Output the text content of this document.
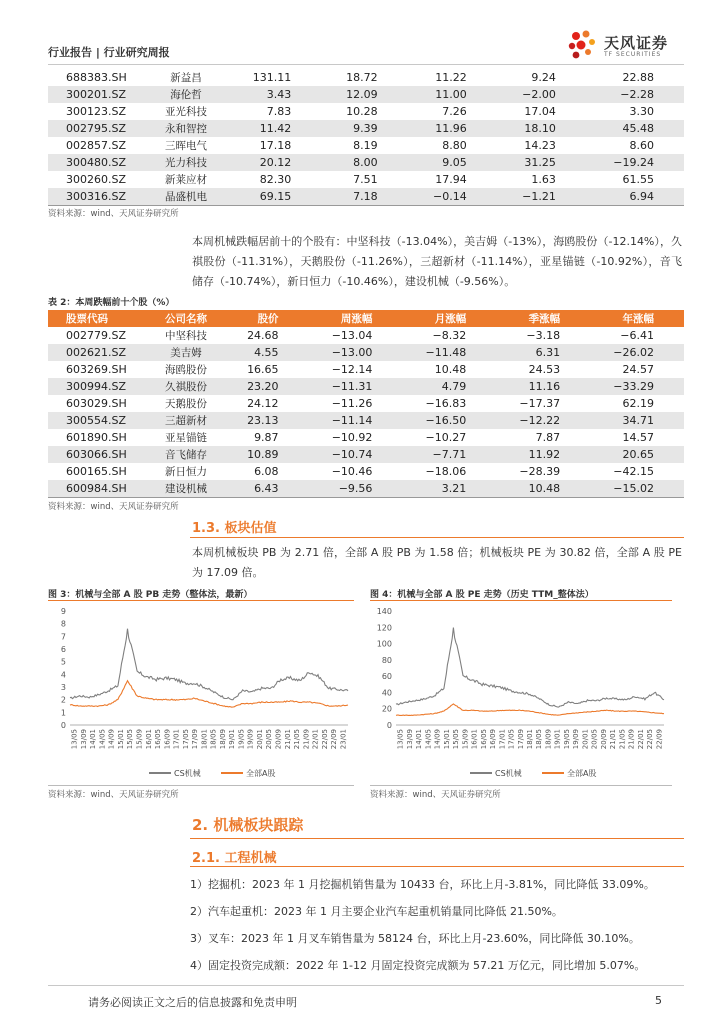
行业报告 | 行业研究周报
天风证券
TF SECURITIES
688383.SH	新益昌	131.11	18.72	11.22	9.24	22.88
300201.SZ	海伦哲	3.43	12.09	11.00	−2.00	−2.28
300123.SZ	亚光科技	7.83	10.28	7.26	17.04	3.30
002795.SZ	永和智控	11.42	9.39	11.96	18.10	45.48
002857.SZ	三晖电气	17.18	8.19	8.80	14.23	8.60
300480.SZ	光力科技	20.12	8.00	9.05	31.25	−19.24
300260.SZ	新莱应材	82.30	7.51	17.94	1.63	61.55
300316.SZ	晶盛机电	69.15	7.18	−0.14	−1.21	6.94
资料来源：wind、天风证券研究所
本周机械跌幅居前十的个股有：中坚科技（-13.04%），美吉姆（-13%），海鸥股份（-12.14%），久祺股份（-11.31%），天鹅股份（-11.26%），三超新材（-11.14%），亚星锚链（-10.92%），音飞储存（-10.74%），新日恒力（-10.46%），建设机械（-9.56%）。
表 2：本周跌幅前十个股（%）
股票代码	公司名称	股价	周涨幅	月涨幅	季涨幅	年涨幅
002779.SZ	中坚科技	24.68	−13.04	−8.32	−3.18	−6.41
002621.SZ	美吉姆	4.55	−13.00	−11.48	6.31	−26.02
603269.SH	海鸥股份	16.65	−12.14	10.48	24.53	24.57
300994.SZ	久祺股份	23.20	−11.31	4.79	11.16	−33.29
603029.SH	天鹅股份	24.12	−11.26	−16.83	−17.37	62.19
300554.SZ	三超新材	23.13	−11.14	−16.50	−12.22	34.71
601890.SH	亚星锚链	9.87	−10.92	−10.27	7.87	14.57
603066.SH	音飞储存	10.89	−10.74	−7.71	11.92	20.65
600165.SH	新日恒力	6.08	−10.46	−18.06	−28.39	−42.15
600984.SH	建设机械	6.43	−9.56	3.21	10.48	−15.02
资料来源：wind、天风证券研究所
1.3. 板块估值
本周机械板块 PB 为 2.71 倍，全部 A 股 PB 为 1.58 倍；机械板块 PE 为 30.82 倍，全部 A 股 PE 为 17.09 倍。
图 3：机械与全部 A 股 PB 走势（整体法，最新）
0
1
2
3
4
5
6
7
8
9
13/05 13/09 14/01 14/05 14/09 15/01 15/05 15/09 16/01 16/05 16/09 17/01 17/05 17/09 18/01 18/05 18/09 19/01 19/05 19/09 20/01 20/05 20/09 21/01 21/05 21/09 22/01 22/05 22/09 23/01
CS机械	全部A股
资料来源：wind、天风证券研究所
图 4：机械与全部 A 股 PE 走势（历史 TTM_整体法）
0
20
40
60
80
100
120
140
13/05 13/09 14/01 14/05 14/09 15/01 15/05 15/09 16/01 16/05 16/09 17/01 17/05 17/09 18/01 18/05 18/09 19/01 19/05 19/09 20/01 20/05 20/09 21/01 21/05 21/09 22/01 22/05 22/09
CS机械	全部A股
资料来源：wind、天风证券研究所
2. 机械板块跟踪
2.1. 工程机械
1）挖掘机：2023 年 1 月挖掘机销售量为 10433 台，环比上月-3.81%，同比降低 33.09%。
2）汽车起重机：2023 年 1 月主要企业汽车起重机销量同比降低 21.50%。
3）叉车：2023 年 1 月叉车销售量为 58124 台，环比上月-23.60%，同比降低 30.10%。
4）固定投资完成额：2022 年 1-12 月固定投资完成额为 57.21 万亿元，同比增加 5.07%。
请务必阅读正文之后的信息披露和免责申明	5
